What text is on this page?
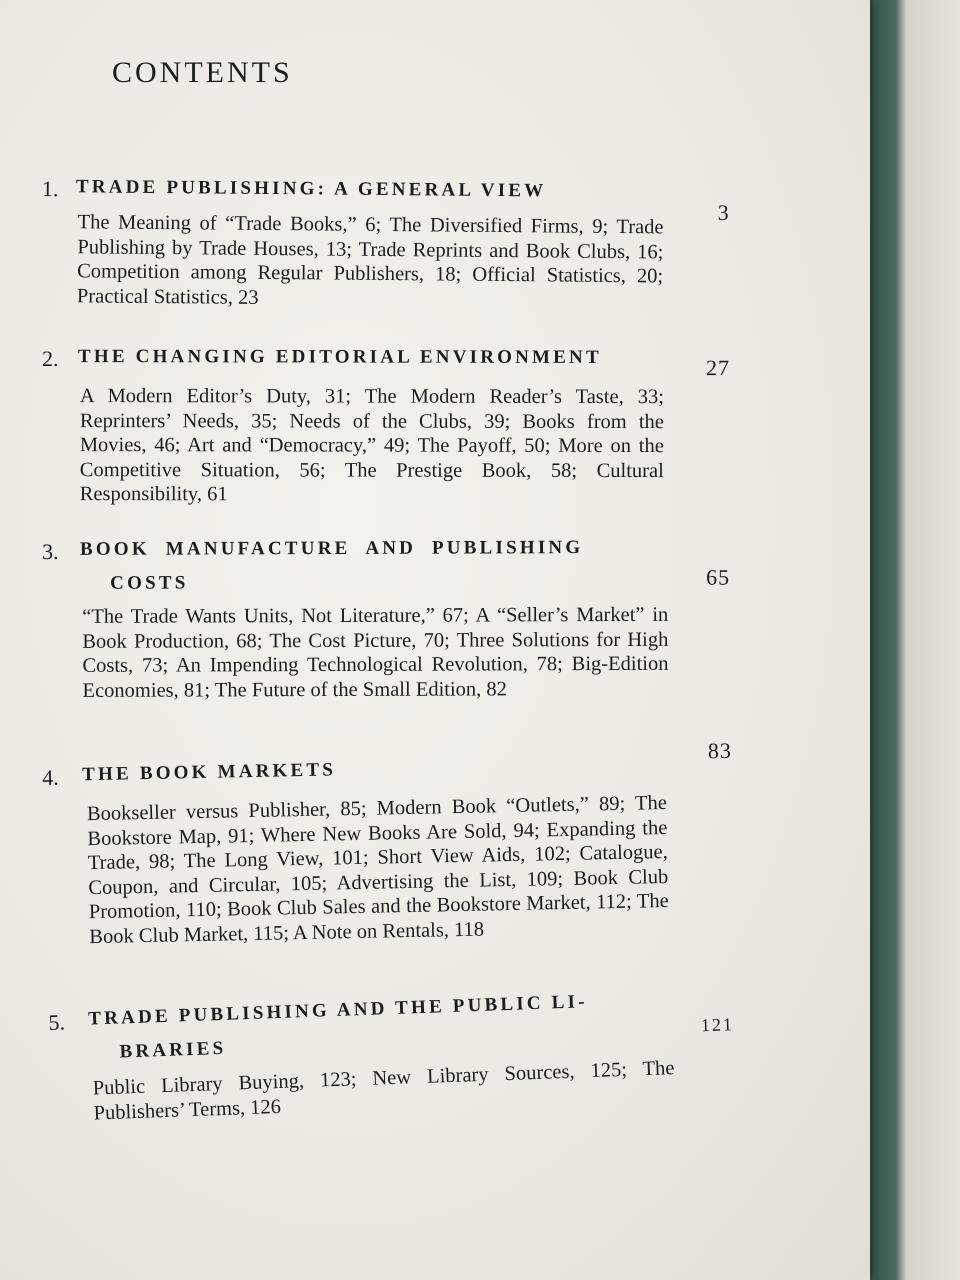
CONTENTS
1. TRADE PUBLISHING: A GENERAL VIEW
The Meaning of “Trade Books,” 6; The Diversified Firms, 9; Trade Publishing by Trade Houses, 13; Trade Reprints and Book Clubs, 16; Competition among Regular Publishers, 18; Official Statistics, 20; Practical Statistics, 23
3
2. THE CHANGING EDITORIAL ENVIRONMENT
A Modern Editor’s Duty, 31; The Modern Reader’s Taste, 33; Reprinters’ Needs, 35; Needs of the Clubs, 39; Books from the Movies, 46; Art and “Democracy,” 49; The Payoff, 50; More on the Competitive Situation, 56; The Prestige Book, 58; Cultural Responsibility, 61
27
3. BOOK  MANUFACTURE  AND  PUBLISHING
COSTS
“The Trade Wants Units, Not Literature,” 67; A “Seller’s Market” in Book Production, 68; The Cost Picture, 70; Three Solutions for High Costs, 73; An Impending Technological Revolution, 78; Big-Edition Economies, 81; The Future of the Small Edition, 82
65
4. THE BOOK MARKETS
Bookseller versus Publisher, 85; Modern Book “Outlets,” 89; The Bookstore Map, 91; Where New Books Are Sold, 94; Expanding the Trade, 98; The Long View, 101; Short View Aids, 102; Catalogue, Coupon, and Circular, 105; Advertising the List, 109; Book Club Promotion, 110; Book Club Sales and the Bookstore Market, 112; The Book Club Market, 115; A Note on Rentals, 118
83
5. TRADE PUBLISHING AND THE PUBLIC LI-
BRARIES
Public Library Buying, 123; New Library Sources, 125; The Publishers’ Terms, 126
121
